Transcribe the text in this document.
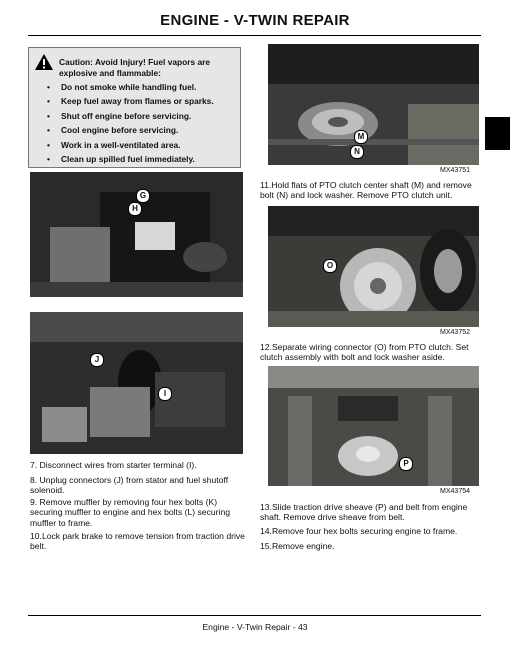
ENGINE - V-TWIN REPAIR
Caution: Avoid Injury! Fuel vapors are explosive and flammable:
• Do not smoke while handling fuel.
• Keep fuel away from flames or sparks.
• Shut off engine before servicing.
• Cool engine before servicing.
• Work in a well-ventilated area.
• Clean up spilled fuel immediately.
M
N
MX43751
G
H
11.Hold flats of PTO clutch center shaft (M) and remove bolt (N) and lock washer. Remove PTO clutch unit.
O
MX43752
J
I
12.Separate wiring connector (O) from PTO clutch. Set clutch assembly with bolt and lock washer aside.
P
MX43754
7. Disconnect wires from starter terminal (I).
8. Unplug connectors (J) from stator and fuel shutoff solenoid.
9. Remove muffler by removing four hex bolts (K) securing muffler to engine and hex bolts (L) securing muffler to frame.
10.Lock park brake to remove tension from traction drive belt.
13.Slide traction drive sheave (P) and belt from engine shaft. Remove drive sheave from belt.
14.Remove four hex bolts securing engine to frame.
15.Remove engine.
Engine - V-Twin Repair - 43
